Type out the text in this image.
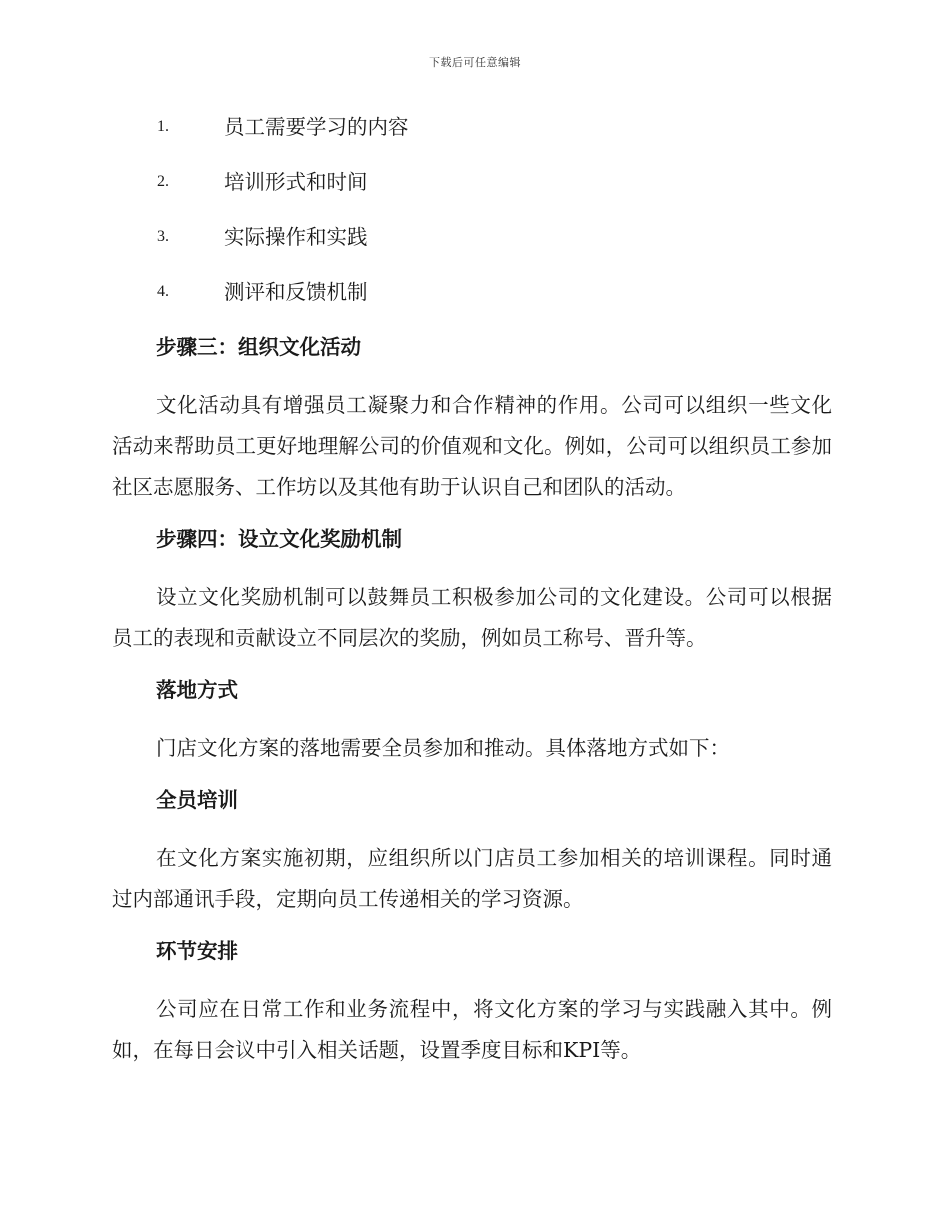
下载后可任意编辑
1.	员工需要学习的内容
2.	培训形式和时间
3.	实际操作和实践
4.	测评和反馈机制
步骤三：组织文化活动

文化活动具有增强员工凝聚力和合作精神的作用。公司可以组织一些文化活动来帮助员工更好地理解公司的价值观和文化。例如，公司可以组织员工参加社区志愿服务、工作坊以及其他有助于认识自己和团队的活动。

步骤四：设立文化奖励机制

设立文化奖励机制可以鼓舞员工积极参加公司的文化建设。公司可以根据员工的表现和贡献设立不同层次的奖励，例如员工称号、晋升等。

落地方式

门店文化方案的落地需要全员参加和推动。具体落地方式如下：

全员培训

在文化方案实施初期，应组织所以门店员工参加相关的培训课程。同时通过内部通讯手段，定期向员工传递相关的学习资源。

环节安排

公司应在日常工作和业务流程中，将文化方案的学习与实践融入其中。例如，在每日会议中引入相关话题，设置季度目标和KPI等。
